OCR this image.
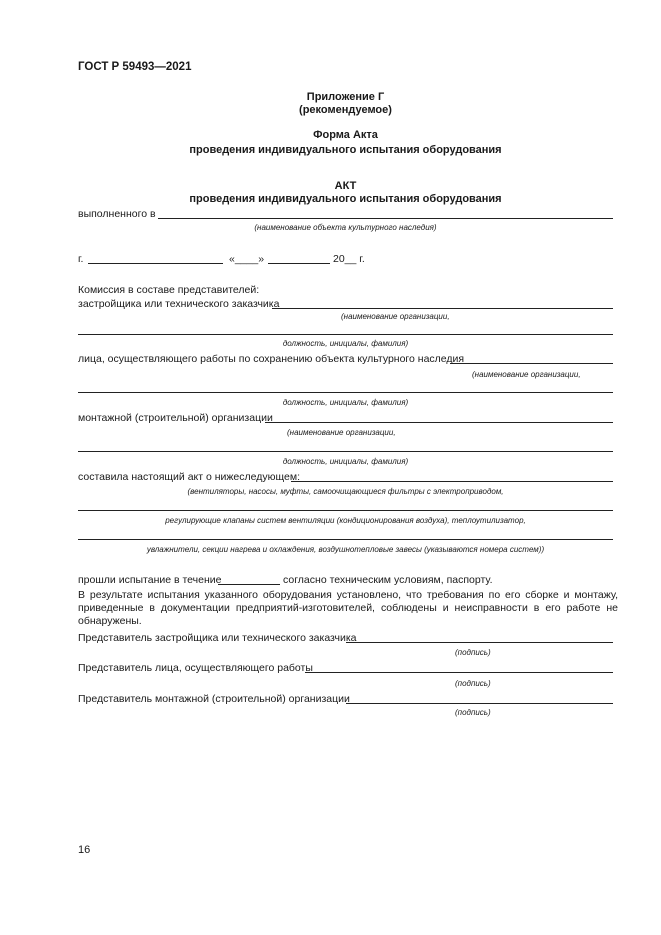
ГОСТ Р 59493—2021
Приложение Г
(рекомендуемое)
Форма Акта
проведения индивидуального испытания оборудования
АКТ
проведения индивидуального испытания оборудования
выполненного в
(наименование объекта культурного наследия)
г.	«____»	20__ г.
Комиссия в составе представителей:
застройщика или технического заказчика
(наименование организации,
должность, инициалы, фамилия)
лица, осуществляющего работы по сохранению объекта культурного наследия
(наименование организации,
должность, инициалы, фамилия)
монтажной (строительной) организации
(наименование организации,
должность, инициалы, фамилия)
составила настоящий акт о нижеследующем:
(вентиляторы, насосы, муфты, самоочищающиеся фильтры с электроприводом,
регулирующие клапаны систем вентиляции (кондиционирования воздуха), теплоутилизатор,
увлажнители, секции нагрева и охлаждения, воздушнотепловые завесы (указываются номера систем))
прошли испытание в течение	согласно техническим условиям, паспорту.
В результате испытания указанного оборудования установлено, что требования по его сборке и монтажу, приведенные в документации предприятий-изготовителей, соблюдены и неисправности в его работе не обнаружены.
Представитель застройщика или технического заказчика
(подпись)
Представитель лица, осуществляющего работы
(подпись)
Представитель монтажной (строительной) организации
(подпись)
16
